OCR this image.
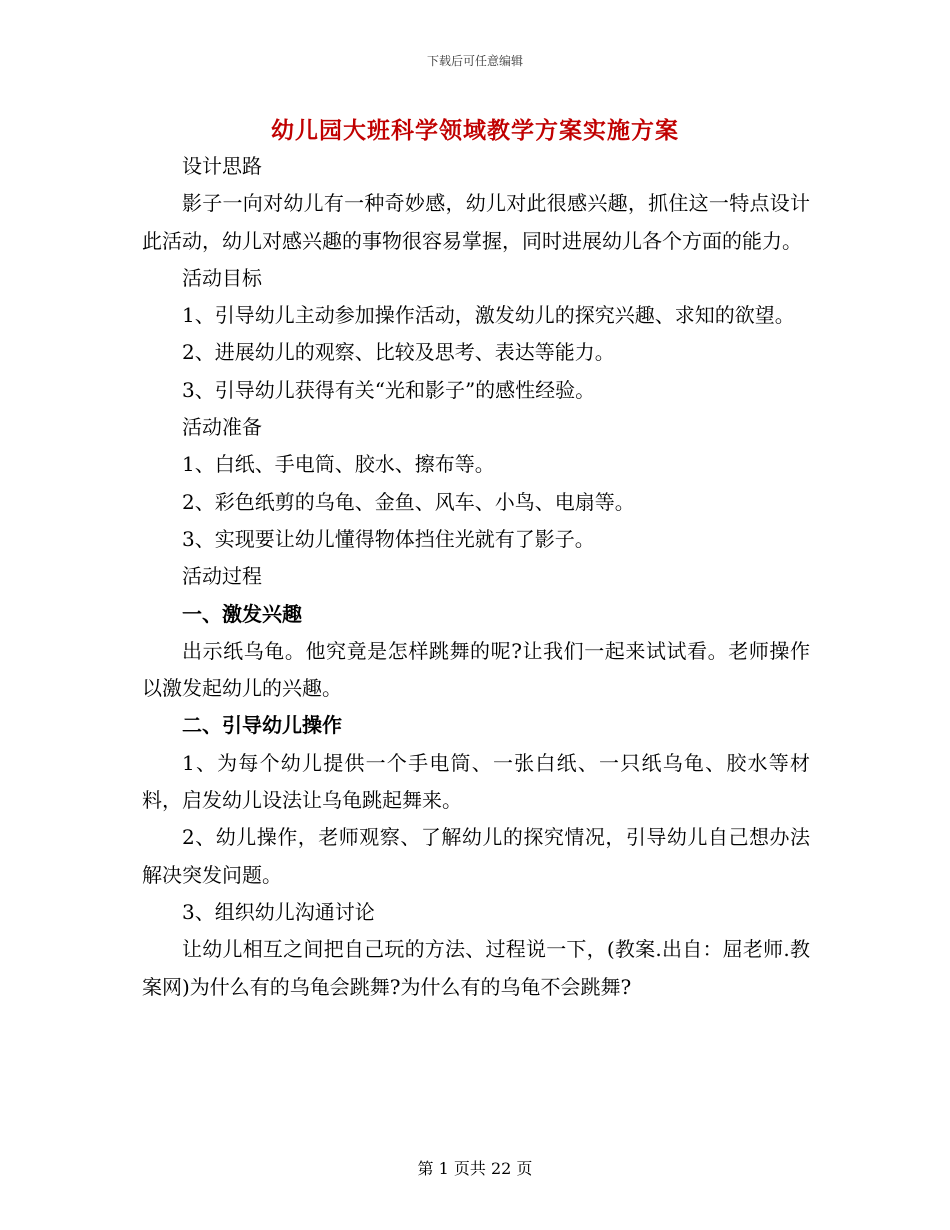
下载后可任意编辑
幼儿园大班科学领域教学方案实施方案

设计思路

影子一向对幼儿有一种奇妙感，幼儿对此很感兴趣，抓住这一特点设计此活动，幼儿对感兴趣的事物很容易掌握，同时进展幼儿各个方面的能力。

活动目标

1、引导幼儿主动参加操作活动，激发幼儿的探究兴趣、求知的欲望。

2、进展幼儿的观察、比较及思考、表达等能力。

3、引导幼儿获得有关“光和影子”的感性经验。

活动准备

1、白纸、手电筒、胶水、擦布等。

2、彩色纸剪的乌龟、金鱼、风车、小鸟、电扇等。

3、实现要让幼儿懂得物体挡住光就有了影子。

活动过程

一、激发兴趣

出示纸乌龟。他究竟是怎样跳舞的呢?让我们一起来试试看。老师操作以激发起幼儿的兴趣。

二、引导幼儿操作

1、为每个幼儿提供一个手电筒、一张白纸、一只纸乌龟、胶水等材料，启发幼儿设法让乌龟跳起舞来。

2、幼儿操作，老师观察、了解幼儿的探究情况，引导幼儿自己想办法解决突发问题。

3、组织幼儿沟通讨论

让幼儿相互之间把自己玩的方法、过程说一下，(教案.出自：屈老师.教案网)为什么有的乌龟会跳舞?为什么有的乌龟不会跳舞?

第 1 页共 22 页
